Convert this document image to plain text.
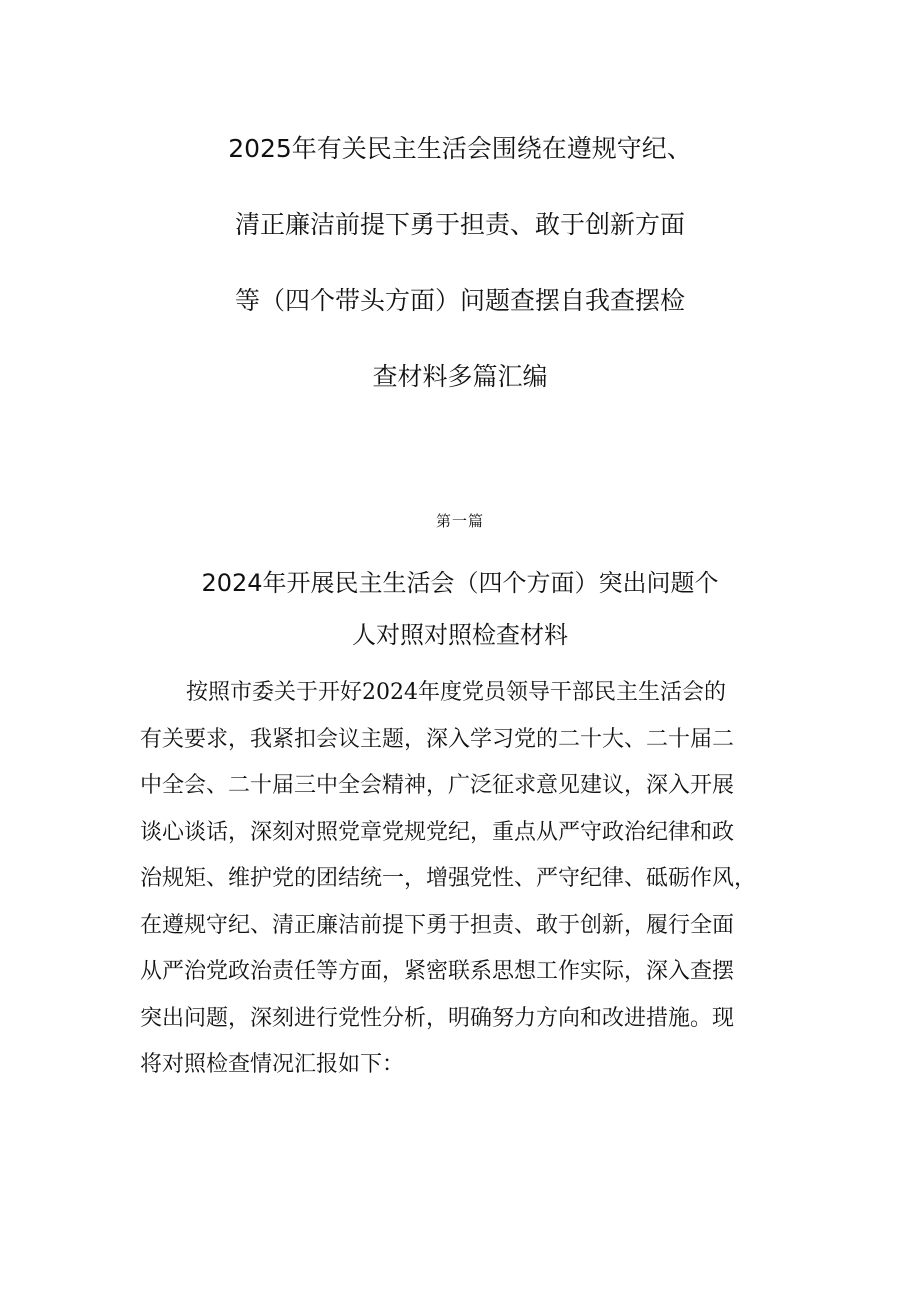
2025年有关民主生活会围绕在遵规守纪、
清正廉洁前提下勇于担责、敢于创新方面
等（四个带头方面）问题查摆自我查摆检
查材料多篇汇编
第一篇
2024年开展民主生活会（四个方面）突出问题个
人对照对照检查材料
按照市委关于开好2024年度党员领导干部民主生活会的
有关要求，我紧扣会议主题，深入学习党的二十大、二十届二
中全会、二十届三中全会精神，广泛征求意见建议，深入开展
谈心谈话，深刻对照党章党规党纪，重点从严守政治纪律和政
治规矩、维护党的团结统一，增强党性、严守纪律、砥砺作风，
在遵规守纪、清正廉洁前提下勇于担责、敢于创新，履行全面
从严治党政治责任等方面，紧密联系思想工作实际，深入查摆
突出问题，深刻进行党性分析，明确努力方向和改进措施。现
将对照检查情况汇报如下：
